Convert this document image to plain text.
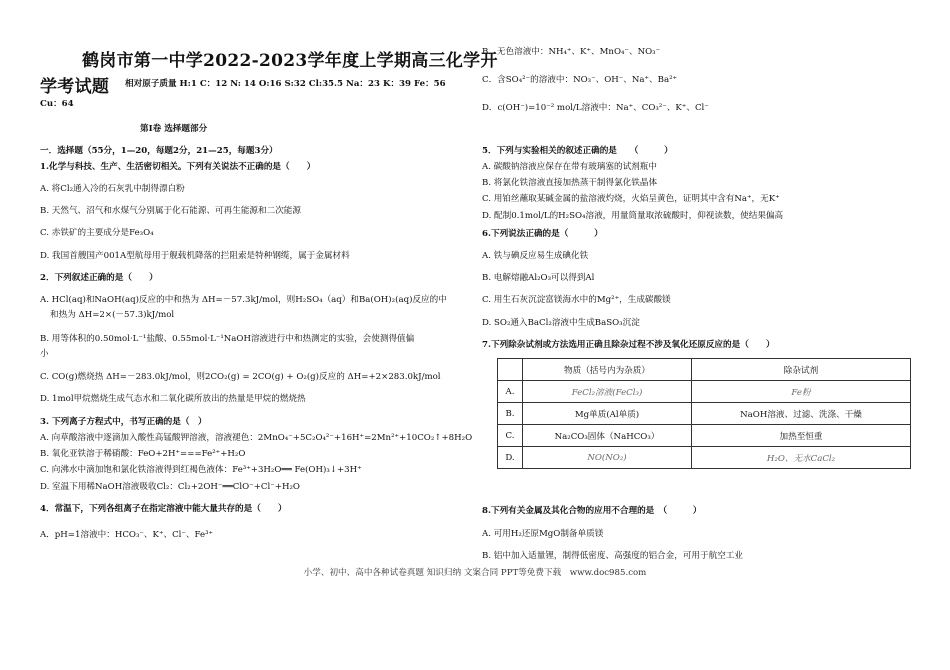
鹤岗市第一中学2022-2023学年度上学期高三化学开
学考试题 相对原子质量 H:1 C：12 N: 14 O:16 S:32 Cl:35.5 Na：23 K：39 Fe：56
Cu：64
第Ⅰ卷 选择题部分
一．选择题（55分，1—20，每题2分，21—25，每题3分）
1.化学与科技、生产、生活密切相关。下列有关说法不正确的是（　　）
A. 将Cl₂通入冷的石灰乳中制得漂白粉
B. 天然气、沼气和水煤气分别属于化石能源、可再生能源和二次能源
C. 赤铁矿的主要成分是Fe₃O₄
D. 我国首艘国产001A型航母用于舰载机降落的拦阻索是特种钢缆，属于金属材料
2．下列叙述正确的是（　　）
A. HCl(aq)和NaOH(aq)反应的中和热为 ΔH=－57.3kJ/mol，则H₂SO₄（aq）和Ba(OH)₂(aq)反应的中
和热为 ΔH=2×(－57.3)kJ/mol
B. 用等体积的0.50mol·L⁻¹盐酸、0.55mol·L⁻¹NaOH溶液进行中和热测定的实验，会使测得值偏
小
C. CO(g)燃烧热 ΔH=－283.0kJ/mol，则2CO₂(g) = 2CO(g) + O₂(g)反应的 ΔH=+2×283.0kJ/mol
D. 1mol甲烷燃烧生成气态水和二氧化碳所放出的热量是甲烷的燃烧热
3. 下列离子方程式中，书写正确的是（　）
A. 向草酸溶液中逐滴加入酸性高锰酸钾溶液，溶液褪色：2MnO₄⁻+5C₂O₄²⁻+16H⁺=2Mn²⁺+10CO₂↑+8H₂O
B. 氧化亚铁溶于稀硝酸：FeO+2H⁺===Fe²⁺+H₂O
C. 向沸水中滴加饱和氯化铁溶液得到红褐色液体：Fe³⁺+3H₂O══ Fe(OH)₃↓+3H⁺
D. 室温下用稀NaOH溶液吸收Cl₂：Cl₂+2OH⁻══ClO⁻+Cl⁻+H₂O
4．常温下，下列各组离子在指定溶液中能大量共存的是（　　）
A．pH=1溶液中：HCO₃⁻、K⁺、Cl⁻、Fe³⁺
B．无色溶液中：NH₄⁺、K⁺、MnO₄⁻、NO₃⁻
C．含SO₄²⁻的溶液中：NO₃⁻、OH⁻、Na⁺、Ba²⁺
D．c(OH⁻)=10⁻² mol/L溶液中：Na⁺、CO₃²⁻、K⁺、Cl⁻
5．下列与实验相关的叙述正确的是　　（　　　）
A. 碳酸钠溶液应保存在带有玻璃塞的试剂瓶中
B. 将氯化铁溶液直接加热蒸干制得氯化铁晶体
C. 用铂丝蘸取某碱金属的盐溶液灼烧，火焰呈黄色，证明其中含有Na⁺，无K⁺
D. 配制0.1mol/L的H₂SO₄溶液，用量筒量取浓硫酸时，仰视读数，使结果偏高
6.下列说法正确的是（　　　）
A. 铁与碘反应易生成碘化铁
B. 电解熔融Al₂O₃可以得到Al
C. 用生石灰沉淀富镁海水中的Mg²⁺，生成碳酸镁
D. SO₂通入BaCl₂溶液中生成BaSO₃沉淀
7.下列除杂试剂或方法选用正确且除杂过程不涉及氧化还原反应的是（　　）
	物质（括号内为杂质）	除杂试剂
A.	FeCl₂溶液(FeCl₃)	Fe粉
B.	Mg单质(Al单质)	NaOH溶液、过滤、洗涤、干燥
C.	Na₂CO₃固体（NaHCO₃）	加热至恒重
D.	NO(NO₂)	H₂O、无水CaCl₂
8.下列有关金属及其化合物的应用不合理的是　（　　　）
A. 可用H₂还原MgO制备单质镁
B. 铝中加入适量锂，制得低密度、高强度的铝合金，可用于航空工业
小学、初中、高中各种试卷真题 知识归纳 文案合同 PPT等免费下载　www.doc985.com
